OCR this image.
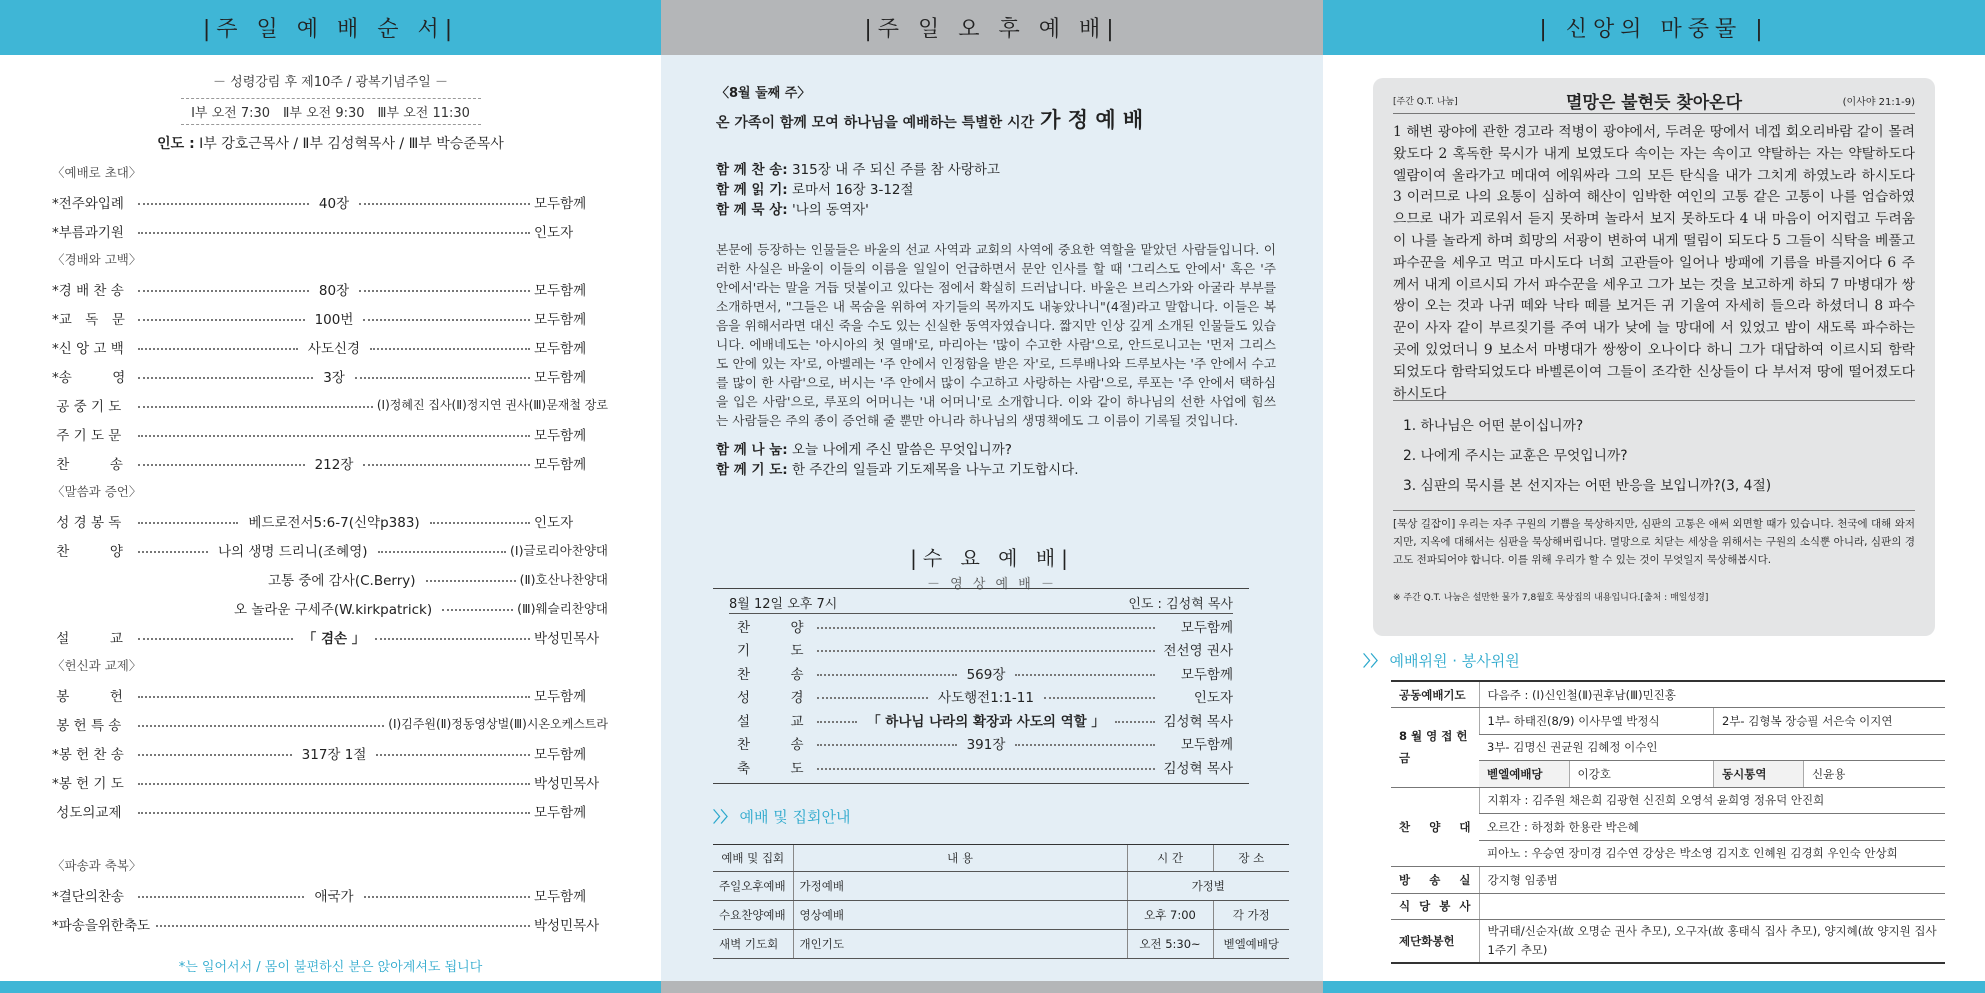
|주 일 예 배 순 서|
－ 성령강림 후 제10주 / 광복기념주일 －
Ⅰ부 오전 7:30　Ⅱ부 오전 9:30　Ⅲ부 오전 11:30
인도 : Ⅰ부 강호근목사 / Ⅱ부 김성혁목사 / Ⅲ부 박승준목사
〈예배로 초대〉
*전주와입례	40장	모두함께
*부름과기원	인도자
〈경배와 고백〉
*경 배 찬 송	80장	모두함께
*교　독　문	100번	모두함께
*신 앙 고 백	사도신경	모두함께
*송　　　영	3장	모두함께
공 중 기 도	(Ⅰ)정혜진 집사(Ⅱ)정지연 권사(Ⅲ)문재철 장로
주 기 도 문	모두함께
찬　　　송	212장	모두함께
〈말씀과 증언〉
성 경 봉 독	베드로전서5:6-7(신약p383)	인도자
찬　　　양	나의 생명 드리니(조혜영)	(Ⅰ)글로리아찬양대
고통 중에 감사(C.Berry)	(Ⅱ)호산나찬양대
오 놀라운 구세주(W.kirkpatrick)	(Ⅲ)웨슬리찬양대
설　　　교	「 겸손 」	박성민목사
〈헌신과 교제〉
봉　　　헌	모두함께
봉 헌 특 송	(Ⅰ)김주원(Ⅱ)정동영상벌(Ⅲ)시온오케스트라
*봉 헌 찬 송	317장 1절	모두함께
*봉 헌 기 도	박성민목사
성도의교제	모두함께
〈파송과 축복〉
*결단의찬송	애국가	모두함께
*파송을위한축도	박성민목사
*는 일어서서 / 몸이 불편하신 분은 앉아계셔도 됩니다
|주 일 오 후 예 배|
〈8월 둘째 주〉
온 가족이 함께 모여 하나님을 예배하는 특별한 시간 가 정 예 배
함 께 찬 송: 315장 내 주 되신 주를 참 사랑하고
함 께 읽 기: 로마서 16장 3-12절
함 께 묵 상: '나의 동역자'
본문에 등장하는 인물들은 바울의 선교 사역과 교회의 사역에 중요한 역할을 맡았던 사람들입니다. 이러한 사실은 바울이 이들의 이름을 일일이 언급하면서 문안 인사를 할 때 '그리스도 안에서' 혹은 '주 안에서'라는 말을 거듭 덧붙이고 있다는 점에서 확실히 드러납니다. 바울은 브리스가와 아굴라 부부를 소개하면서, "그들은 내 목숨을 위하여 자기들의 목까지도 내놓았나니"(4절)라고 말합니다. 이들은 복음을 위해서라면 대신 죽을 수도 있는 신실한 동역자였습니다. 짧지만 인상 깊게 소개된 인물들도 있습니다. 에배네도는 '아시아의 첫 열매'로, 마리아는 '많이 수고한 사람'으로, 안드로니고는 '먼저 그리스도 안에 있는 자'로, 아벨레는 '주 안에서 인정함을 받은 자'로, 드루배나와 드루보사는 '주 안에서 수고를 많이 한 사람'으로, 버시는 '주 안에서 많이 수고하고 사랑하는 사람'으로, 루포는 '주 안에서 택하심을 입은 사람'으로, 루포의 어머니는 '내 어머니'로 소개합니다. 이와 같이 하나님의 선한 사업에 힘쓰는 사람들은 주의 종이 증언해 줄 뿐만 아니라 하나님의 생명책에도 그 이름이 기록될 것입니다.
함 께 나 눔: 오늘 나에게 주신 말씀은 무엇입니까?
함 께 기 도: 한 주간의 일들과 기도제목을 나누고 기도합시다.
|수 요 예 배|
－ 영 상 예 배 －
8월 12일 오후 7시	인도 : 김성혁 목사
찬　　　양	모두함께
기　　　도	전선영 권사
찬　　　송	569장	모두함께
성　　　경	사도행전1:1-11	인도자
설　　　교	「 하나님 나라의 확장과 사도의 역할 」	김성혁 목사
찬　　　송	391장	모두함께
축　　　도	김성혁 목사
〉〉 예배 및 집회안내
예배 및 집회	내 용	시 간	장 소
주일오후예배	가정예배	가정별	
수요찬양예배	영상예배	오후 7:00	각 가정
새벽 기도회	개인기도	오전 5:30~	벧엘예배당
| 신앙의 마중물 |
[주간 Q.T. 나눔]	멸망은 불현듯 찾아온다	(이사야 21:1-9)
1 해변 광야에 관한 경고라 적병이 광야에서, 두려운 땅에서 네겝 회오리바람 같이 몰려왔도다 2 혹독한 묵시가 내게 보였도다 속이는 자는 속이고 약탈하는 자는 약탈하도다 엘람이여 올라가고 메대여 에워싸라 그의 모든 탄식을 내가 그치게 하였노라 하시도다 3 이러므로 나의 요통이 심하여 해산이 임박한 여인의 고통 같은 고통이 나를 엄습하였으므로 내가 괴로워서 듣지 못하며 놀라서 보지 못하도다 4 내 마음이 어지럽고 두려움이 나를 놀라게 하며 희망의 서광이 변하여 내게 떨림이 되도다 5 그들이 식탁을 베풀고 파수꾼을 세우고 먹고 마시도다 너희 고관들아 일어나 방패에 기름을 바를지어다 6 주께서 내게 이르시되 가서 파수꾼을 세우고 그가 보는 것을 보고하게 하되 7 마병대가 쌍쌍이 오는 것과 나귀 떼와 낙타 떼를 보거든 귀 기울여 자세히 들으라 하셨더니 8 파수꾼이 사자 같이 부르짖기를 주여 내가 낮에 늘 망대에 서 있었고 밤이 새도록 파수하는 곳에 있었더니 9 보소서 마병대가 쌍쌍이 오나이다 하니 그가 대답하여 이르시되 함락되었도다 함락되었도다 바벨론이여 그들이 조각한 신상들이 다 부서져 땅에 떨어졌도다 하시도다
1. 하나님은 어떤 분이십니까?
2. 나에게 주시는 교훈은 무엇입니까?
3. 심판의 묵시를 본 선지자는 어떤 반응을 보입니까?(3, 4절)
[묵상 길잡이] 우리는 자주 구원의 기쁨을 묵상하지만, 심판의 고통은 애써 외면할 때가 있습니다. 천국에 대해 와저지만, 지옥에 대해서는 심판을 묵상해버립니다. 멸망으로 치닫는 세상을 위해서는 구원의 소식뿐 아니라, 심판의 경고도 전파되어야 합니다. 이를 위해 우리가 할 수 있는 것이 무엇일지 묵상해봅시다.
※ 주간 Q.T. 나눔은 설만한 물가 7,8월호 묵상집의 내용입니다.[출처 : 매일성경]
〉〉 예배위원 · 봉사위원
공동예배기도	다음주 : (Ⅰ)신인철(Ⅱ)권후남(Ⅲ)민진홍			
8 월 영 접 헌 금	1부- 하태진(8/9) 이사무엘 박정식		2부- 김형복 장승필 서은숙 이지연	
	3부- 김명신 권균원 김혜정 이수인			
	벧엘예배당	이강호	동시통역	신윤용
찬 양 대	지휘자 : 김주원 채은희 김광현 신진희 오영석 윤희영 정유덕 안진희			
	오르간 : 하정화 한용란 박은혜			
	피아노 : 우승연 장미경 김수연 강상은 박소영 김지호 인혜원 김경희 우인숙 안상희			
방 송 실	강지형 임종범			
식 당 봉 사				
제단화봉헌	박귀태/신순자(故 오명순 권사 추모), 오구자(故 홍태식 집사 추모), 양지혜(故 양지원 집사 1주기 추모)			
